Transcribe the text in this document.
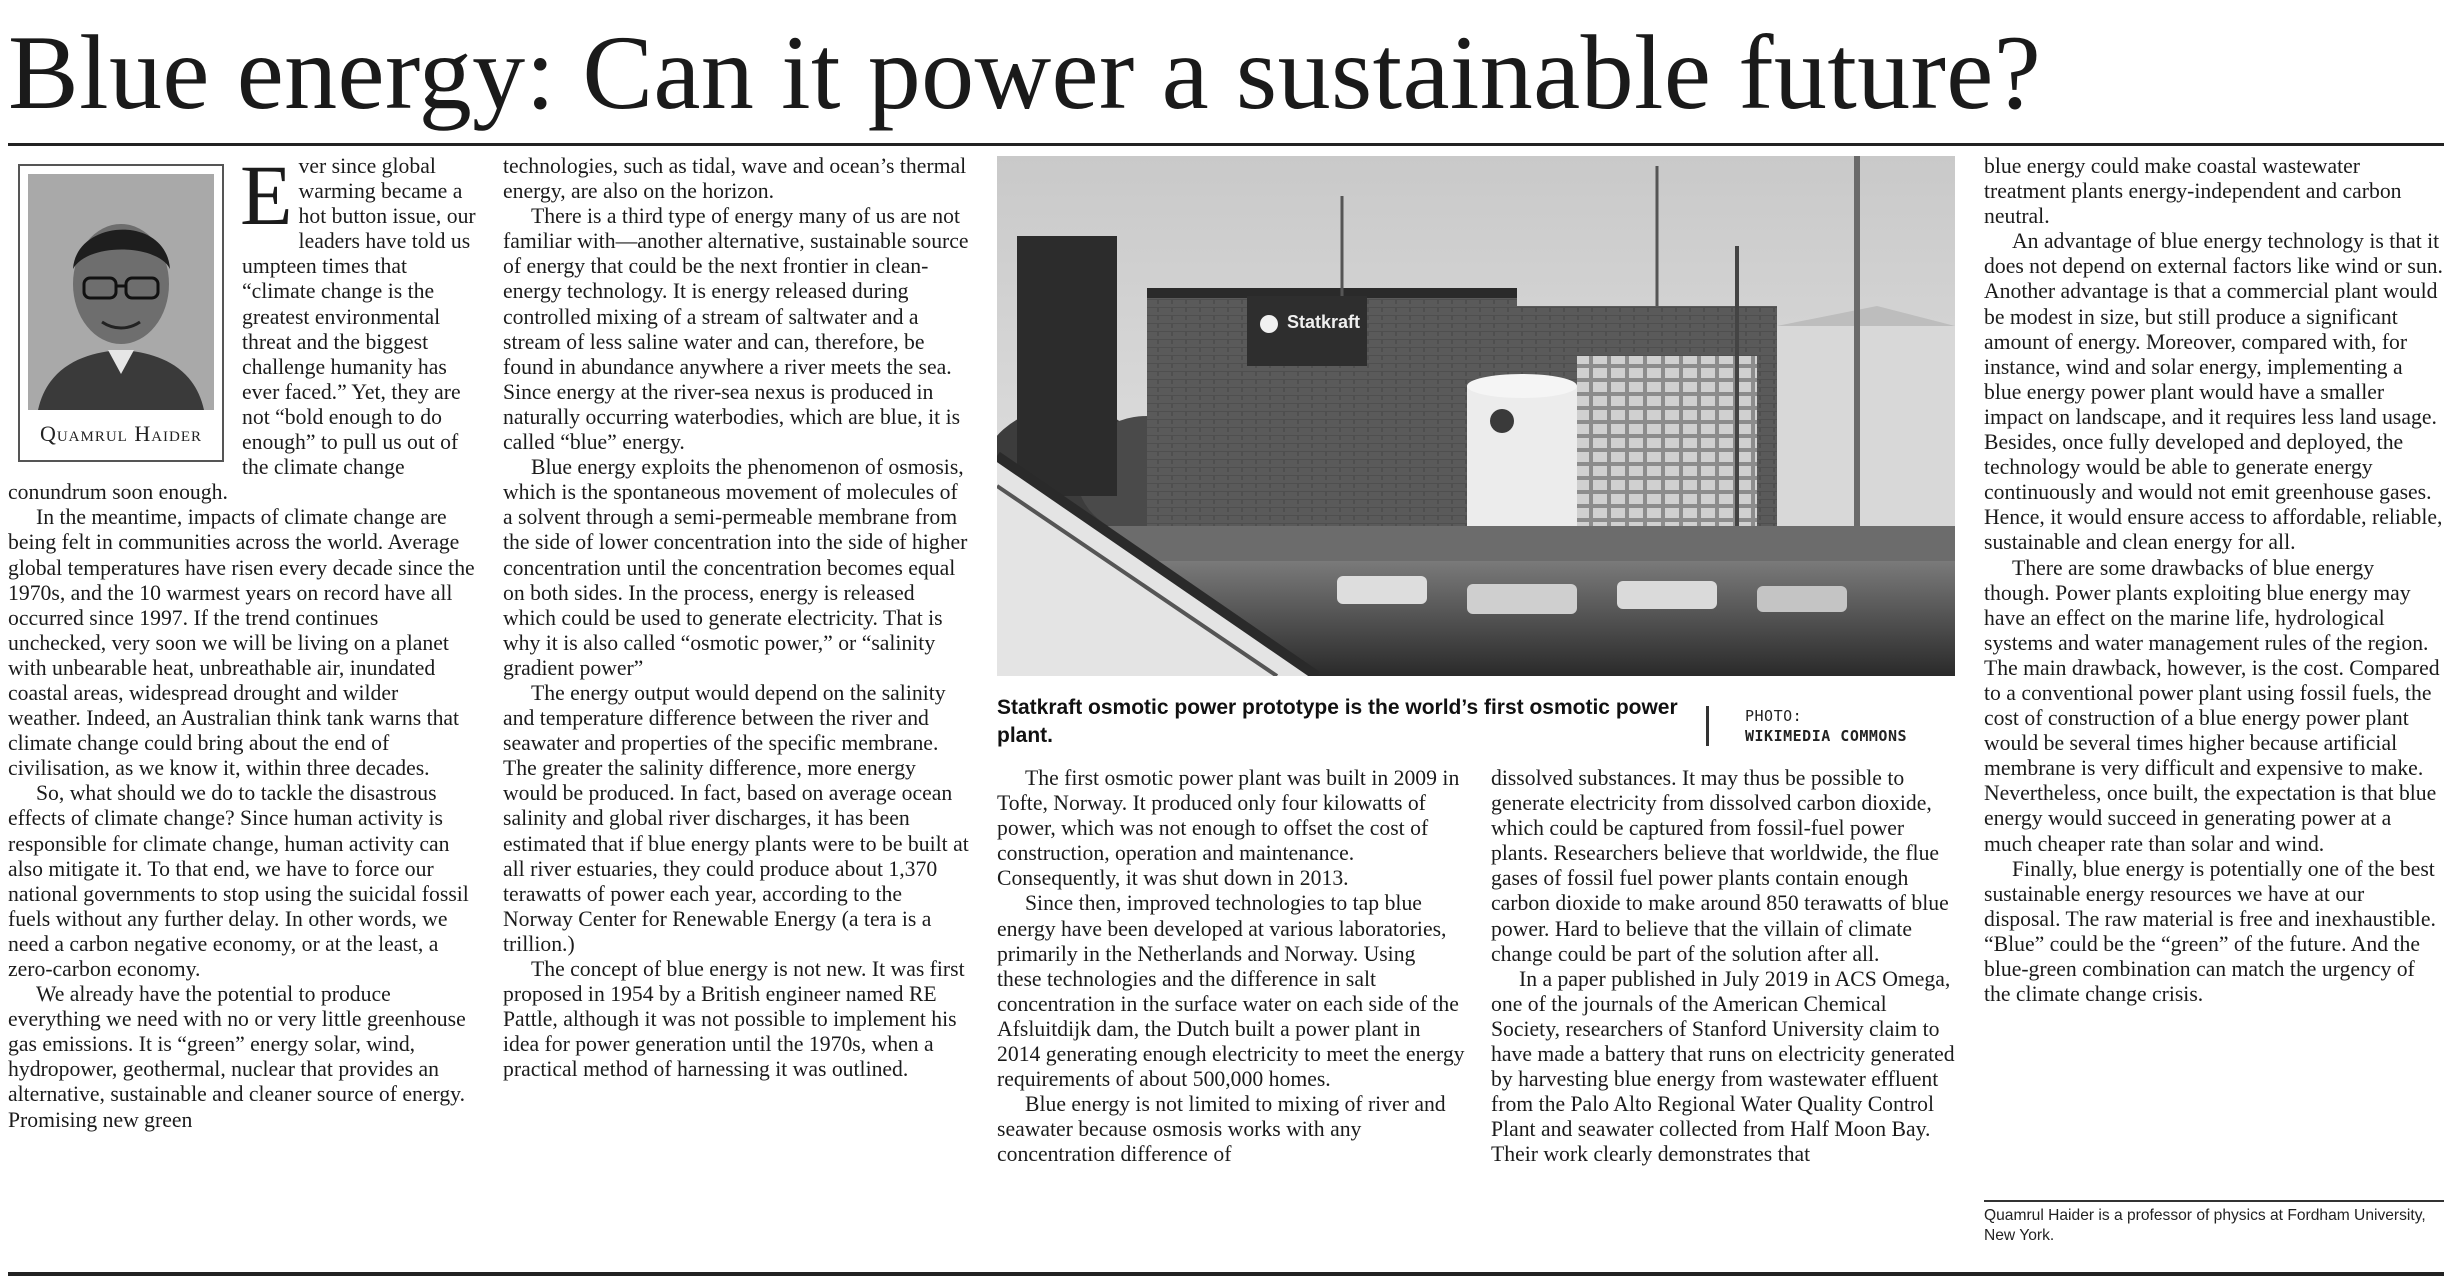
Blue energy: Can it power a sustainable future?
Quamrul Haider

Ever since global warming became a hot button issue, our leaders have told us umpteen times that “climate change is the greatest environmental threat and the biggest challenge humanity has ever faced.” Yet, they are not “bold enough to do enough” to pull us out of the climate change conundrum soon enough.

In the meantime, impacts of climate change are being felt in communities across the world. Average global temperatures have risen every decade since the 1970s, and the 10 warmest years on record have all occurred since 1997. If the trend continues unchecked, very soon we will be living on a planet with unbearable heat, unbreathable air, inundated coastal areas, widespread drought and wilder weather. Indeed, an Australian think tank warns that climate change could bring about the end of civilisation, as we know it, within three decades.

So, what should we do to tackle the disastrous effects of climate change? Since human activity is responsible for climate change, human activity can also mitigate it. To that end, we have to force our national governments to stop using the suicidal fossil fuels without any further delay. In other words, we need a carbon negative economy, or at the least, a zero-carbon economy.

We already have the potential to produce everything we need with no or very little greenhouse gas emissions. It is “green” energy solar, wind, hydropower, geothermal, nuclear that provides an alternative, sustainable and cleaner source of energy. Promising new green

technologies, such as tidal, wave and ocean’s thermal energy, are also on the horizon.

There is a third type of energy many of us are not familiar with—another alternative, sustainable source of energy that could be the next frontier in clean-energy technology. It is energy released during controlled mixing of a stream of saltwater and a stream of less saline water and can, therefore, be found in abundance anywhere a river meets the sea. Since energy at the river-sea nexus is produced in naturally occurring waterbodies, which are blue, it is called “blue” energy.

Blue energy exploits the phenomenon of osmosis, which is the spontaneous movement of molecules of a solvent through a semi-permeable membrane from the side of lower concentration into the side of higher concentration until the concentration becomes equal on both sides. In the process, energy is released which could be used to generate electricity. That is why it is also called “osmotic power,” or “salinity gradient power”

The energy output would depend on the salinity and temperature difference between the river and seawater and properties of the specific membrane. The greater the salinity difference, more energy would be produced. In fact, based on average ocean salinity and global river discharges, it has been estimated that if blue energy plants were to be built at all river estuaries, they could produce about 1,370 terawatts of power each year, according to the Norway Center for Renewable Energy (a tera is a trillion.)

The concept of blue energy is not new. It was first proposed in 1954 by a British engineer named RE Pattle, although it was not possible to implement his idea for power generation until the 1970s, when a practical method of harnessing it was outlined.

Statkraft
Statkraft osmotic power prototype is the world’s first osmotic power plant.
PHOTO:
WIKIMEDIA COMMONS

The first osmotic power plant was built in 2009 in Tofte, Norway. It produced only four kilowatts of power, which was not enough to offset the cost of construction, operation and maintenance. Consequently, it was shut down in 2013.

Since then, improved technologies to tap blue energy have been developed at various laboratories, primarily in the Netherlands and Norway. Using these technologies and the difference in salt concentration in the surface water on each side of the Afsluitdijk dam, the Dutch built a power plant in 2014 generating enough electricity to meet the energy requirements of about 500,000 homes.

Blue energy is not limited to mixing of river and seawater because osmosis works with any concentration difference of

dissolved substances. It may thus be possible to generate electricity from dissolved carbon dioxide, which could be captured from fossil-fuel power plants. Researchers believe that worldwide, the flue gases of fossil fuel power plants contain enough carbon dioxide to make around 850 terawatts of blue power. Hard to believe that the villain of climate change could be part of the solution after all.

In a paper published in July 2019 in ACS Omega, one of the journals of the American Chemical Society, researchers of Stanford University claim to have made a battery that runs on electricity generated by harvesting blue energy from wastewater effluent from the Palo Alto Regional Water Quality Control Plant and seawater collected from Half Moon Bay. Their work clearly demonstrates that

blue energy could make coastal wastewater treatment plants energy-independent and carbon neutral.

An advantage of blue energy technology is that it does not depend on external factors like wind or sun. Another advantage is that a commercial plant would be modest in size, but still produce a significant amount of energy. Moreover, compared with, for instance, wind and solar energy, implementing a blue energy power plant would have a smaller impact on landscape, and it requires less land usage. Besides, once fully developed and deployed, the technology would be able to generate energy continuously and would not emit greenhouse gases. Hence, it would ensure access to affordable, reliable, sustainable and clean energy for all.

There are some drawbacks of blue energy though. Power plants exploiting blue energy may have an effect on the marine life, hydrological systems and water management rules of the region. The main drawback, however, is the cost. Compared to a conventional power plant using fossil fuels, the cost of construction of a blue energy power plant would be several times higher because artificial membrane is very difficult and expensive to make. Nevertheless, once built, the expectation is that blue energy would succeed in generating power at a much cheaper rate than solar and wind.

Finally, blue energy is potentially one of the best sustainable energy resources we have at our disposal. The raw material is free and inexhaustible. “Blue” could be the “green” of the future. And the blue-green combination can match the urgency of the climate change crisis.

Quamrul Haider is a professor of physics at Fordham University, New York.
